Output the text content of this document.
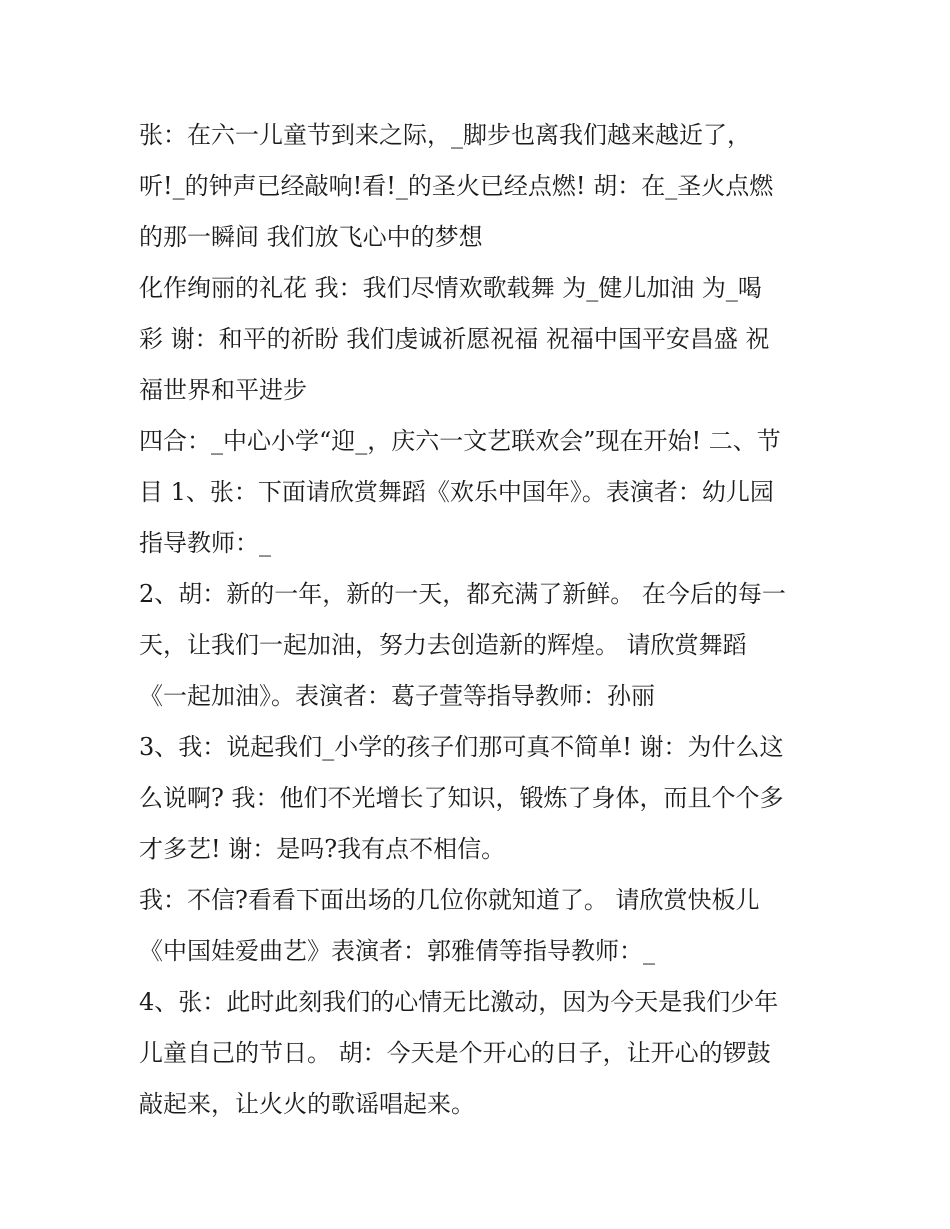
张：在六一儿童节到来之际，_脚步也离我们越来越近了，
听!_的钟声已经敲响!看!_的圣火已经点燃! 胡：在_圣火点燃
的那一瞬间 我们放飞心中的梦想
化作绚丽的礼花 我：我们尽情欢歌载舞 为_健儿加油 为_喝
彩 谢：和平的祈盼 我们虔诚祈愿祝福 祝福中国平安昌盛 祝
福世界和平进步
四合：_中心小学“迎_，庆六一文艺联欢会”现在开始! 二、节
目 1、张：下面请欣赏舞蹈《欢乐中国年》。表演者：幼儿园
指导教师：_
2、胡：新的一年，新的一天，都充满了新鲜。 在今后的每一
天，让我们一起加油，努力去创造新的辉煌。 请欣赏舞蹈
《一起加油》。表演者：葛子萱等指导教师：孙丽
3、我：说起我们_小学的孩子们那可真不简单! 谢：为什么这
么说啊? 我：他们不光增长了知识，锻炼了身体，而且个个多
才多艺! 谢：是吗?我有点不相信。
我：不信?看看下面出场的几位你就知道了。 请欣赏快板儿
《中国娃爱曲艺》表演者：郭雅倩等指导教师：_
4、张：此时此刻我们的心情无比激动，因为今天是我们少年
儿童自己的节日。 胡：今天是个开心的日子，让开心的锣鼓
敲起来，让火火的歌谣唱起来。
